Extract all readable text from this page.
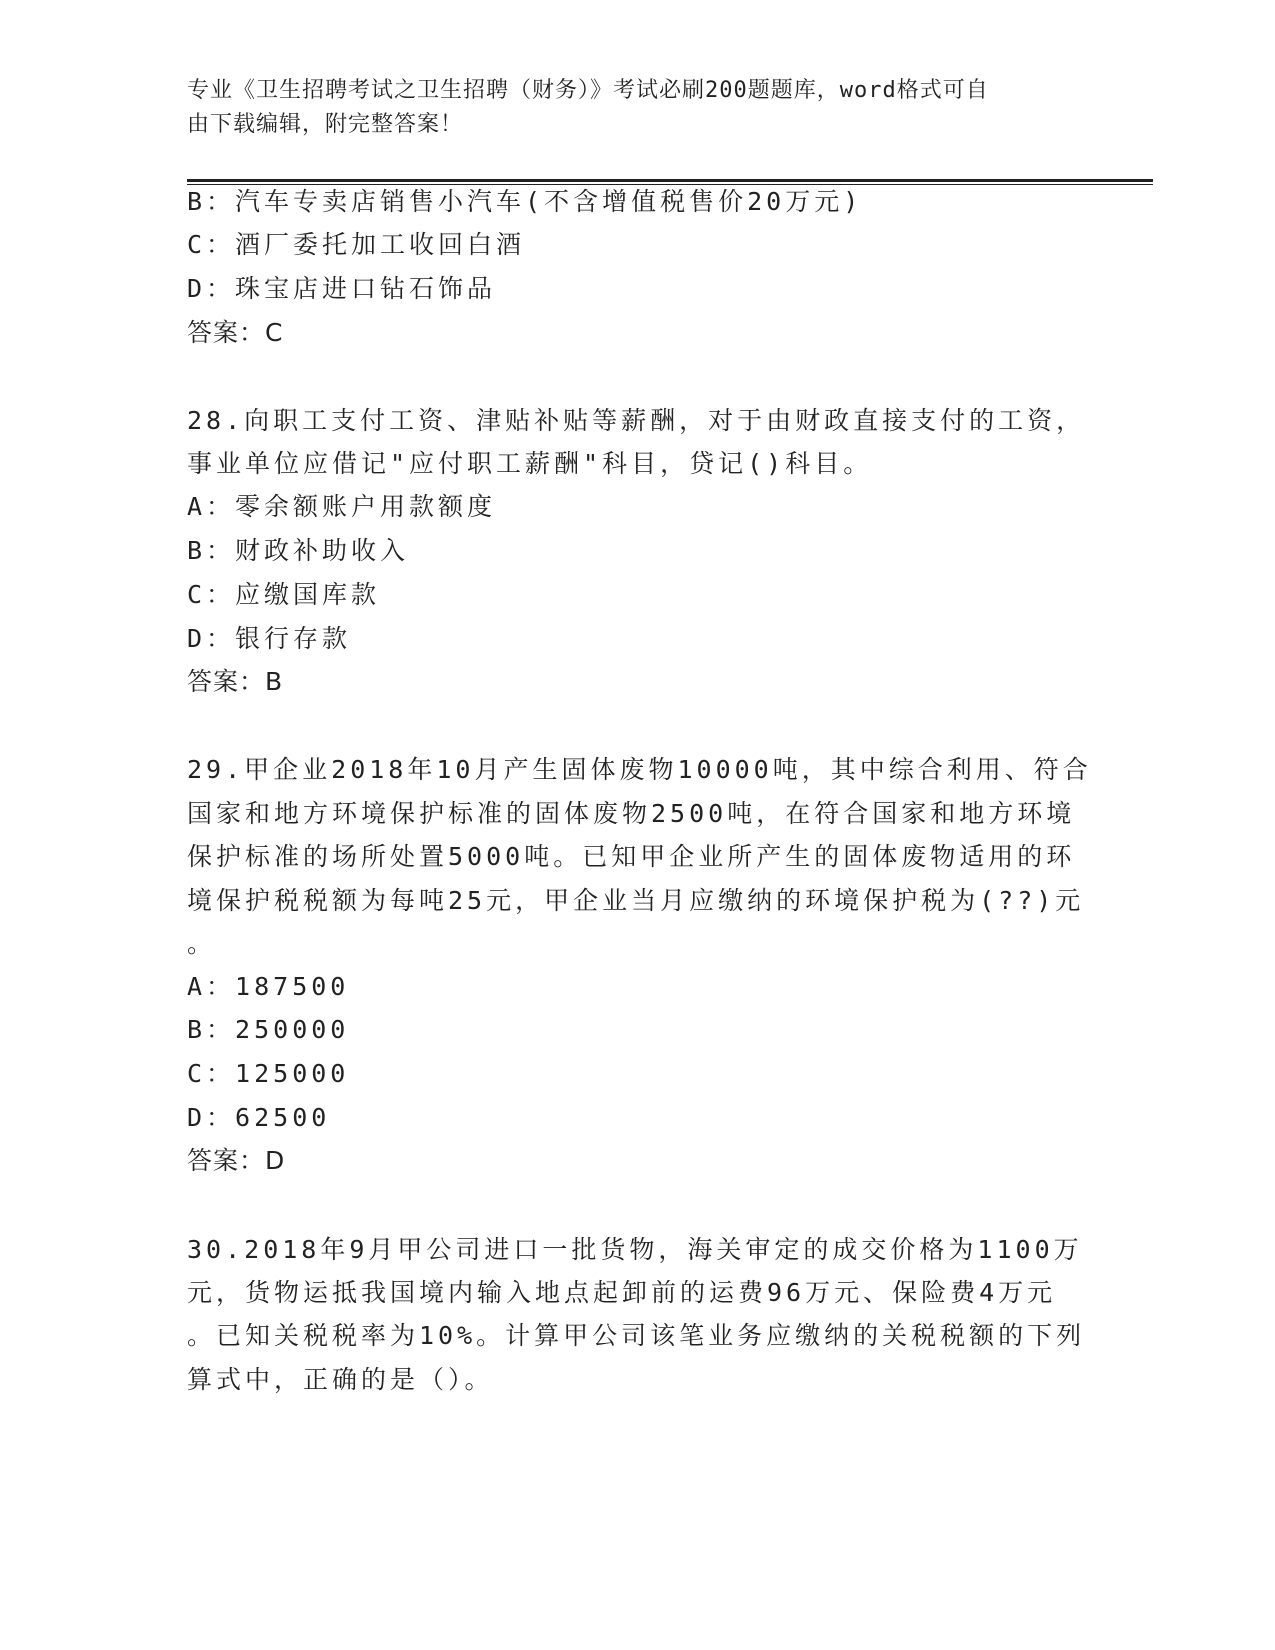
专业《卫生招聘考试之卫生招聘（财务）》考试必刷200题题库，word格式可自
由下载编辑，附完整答案！
B：汽车专卖店销售小汽车(不含增值税售价20万元)
C：酒厂委托加工收回白酒
D：珠宝店进口钻石饰品
答案：C
28.向职工支付工资、津贴补贴等薪酬，对于由财政直接支付的工资，
事业单位应借记"应付职工薪酬"科目，贷记()科目。
A：零余额账户用款额度
B：财政补助收入
C：应缴国库款
D：银行存款
答案：B
29.甲企业2018年10月产生固体废物10000吨，其中综合利用、符合
国家和地方环境保护标准的固体废物2500吨，在符合国家和地方环境
保护标准的场所处置5000吨。已知甲企业所产生的固体废物适用的环
境保护税税额为每吨25元，甲企业当月应缴纳的环境保护税为(??)元
。
A：187500
B：250000
C：125000
D：62500
答案：D
30.2018年9月甲公司进口一批货物，海关审定的成交价格为1100万
元，货物运抵我国境内输入地点起卸前的运费96万元、保险费4万元
。已知关税税率为10%。计算甲公司该笔业务应缴纳的关税税额的下列
算式中，正确的是（）。
